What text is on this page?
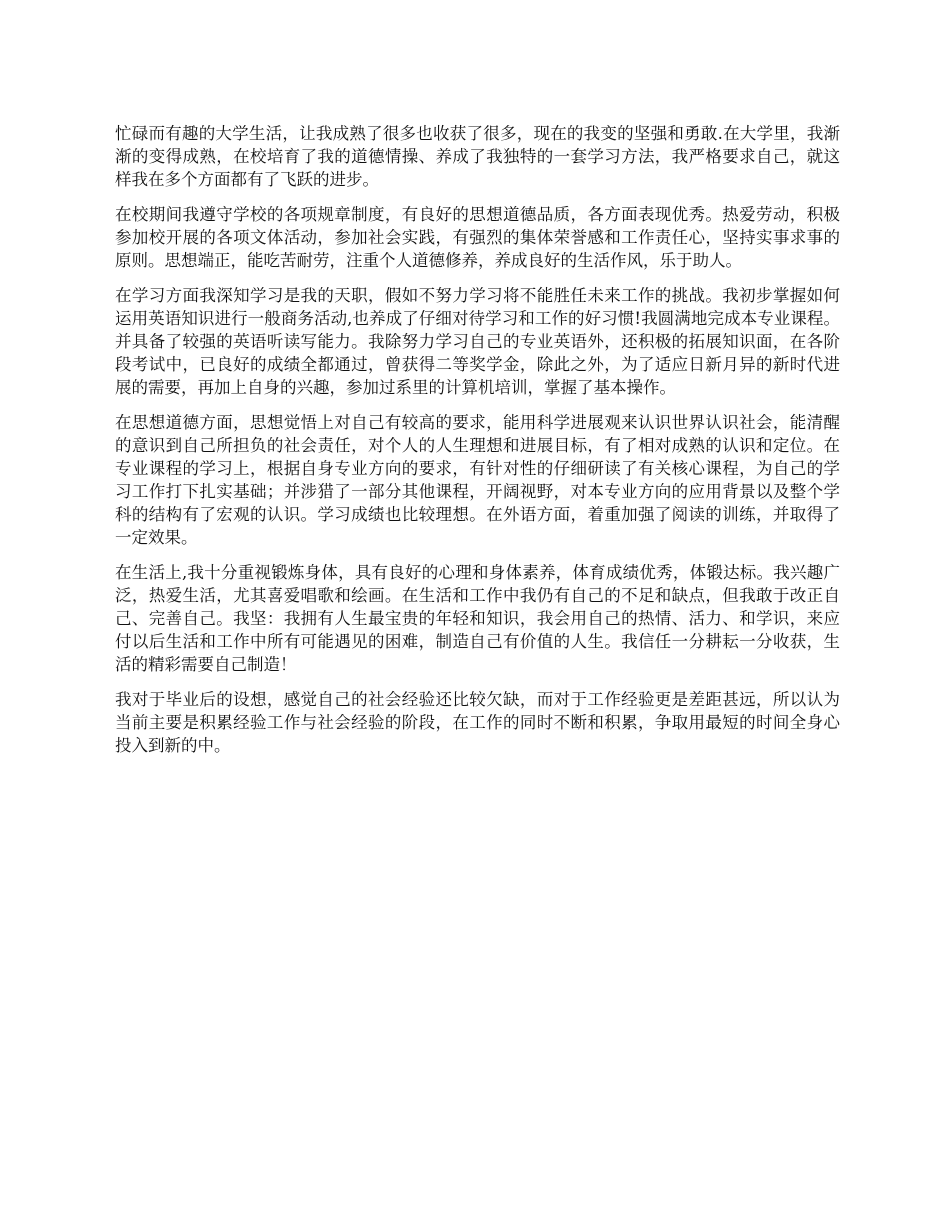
忙碌而有趣的大学生活，让我成熟了很多也收获了很多，现在的我变的坚强和勇敢.在大学里，我渐渐的变得成熟，在校培育了我的道德情操、养成了我独特的一套学习方法，我严格要求自己，就这样我在多个方面都有了飞跃的进步。

在校期间我遵守学校的各项规章制度，有良好的思想道德品质，各方面表现优秀。热爱劳动，积极参加校开展的各项文体活动，参加社会实践，有强烈的集体荣誉感和工作责任心，坚持实事求事的原则。思想端正，能吃苦耐劳，注重个人道德修养，养成良好的生活作风，乐于助人。

在学习方面我深知学习是我的天职，假如不努力学习将不能胜任未来工作的挑战。我初步掌握如何运用英语知识进行一般商务活动,也养成了仔细对待学习和工作的好习惯!我圆满地完成本专业课程。并具备了较强的英语听读写能力。我除努力学习自己的专业英语外，还积极的拓展知识面，在各阶段考试中，已良好的成绩全都通过，曾获得二等奖学金，除此之外，为了适应日新月异的新时代进展的需要，再加上自身的兴趣，参加过系里的计算机培训，掌握了基本操作。

在思想道德方面，思想觉悟上对自己有较高的要求，能用科学进展观来认识世界认识社会，能清醒的意识到自己所担负的社会责任，对个人的人生理想和进展目标，有了相对成熟的认识和定位。在专业课程的学习上，根据自身专业方向的要求，有针对性的仔细研读了有关核心课程，为自己的学习工作打下扎实基础；并涉猎了一部分其他课程，开阔视野，对本专业方向的应用背景以及整个学科的结构有了宏观的认识。学习成绩也比较理想。在外语方面，着重加强了阅读的训练，并取得了一定效果。

在生活上,我十分重视锻炼身体，具有良好的心理和身体素养，体育成绩优秀，体锻达标。我兴趣广泛，热爱生活，尤其喜爱唱歌和绘画。在生活和工作中我仍有自己的不足和缺点，但我敢于改正自己、完善自己。我坚：我拥有人生最宝贵的年轻和知识，我会用自己的热情、活力、和学识，来应付以后生活和工作中所有可能遇见的困难，制造自己有价值的人生。我信任一分耕耘一分收获，生活的精彩需要自己制造！

我对于毕业后的设想，感觉自己的社会经验还比较欠缺，而对于工作经验更是差距甚远，所以认为当前主要是积累经验工作与社会经验的阶段，在工作的同时不断和积累，争取用最短的时间全身心投入到新的中。
